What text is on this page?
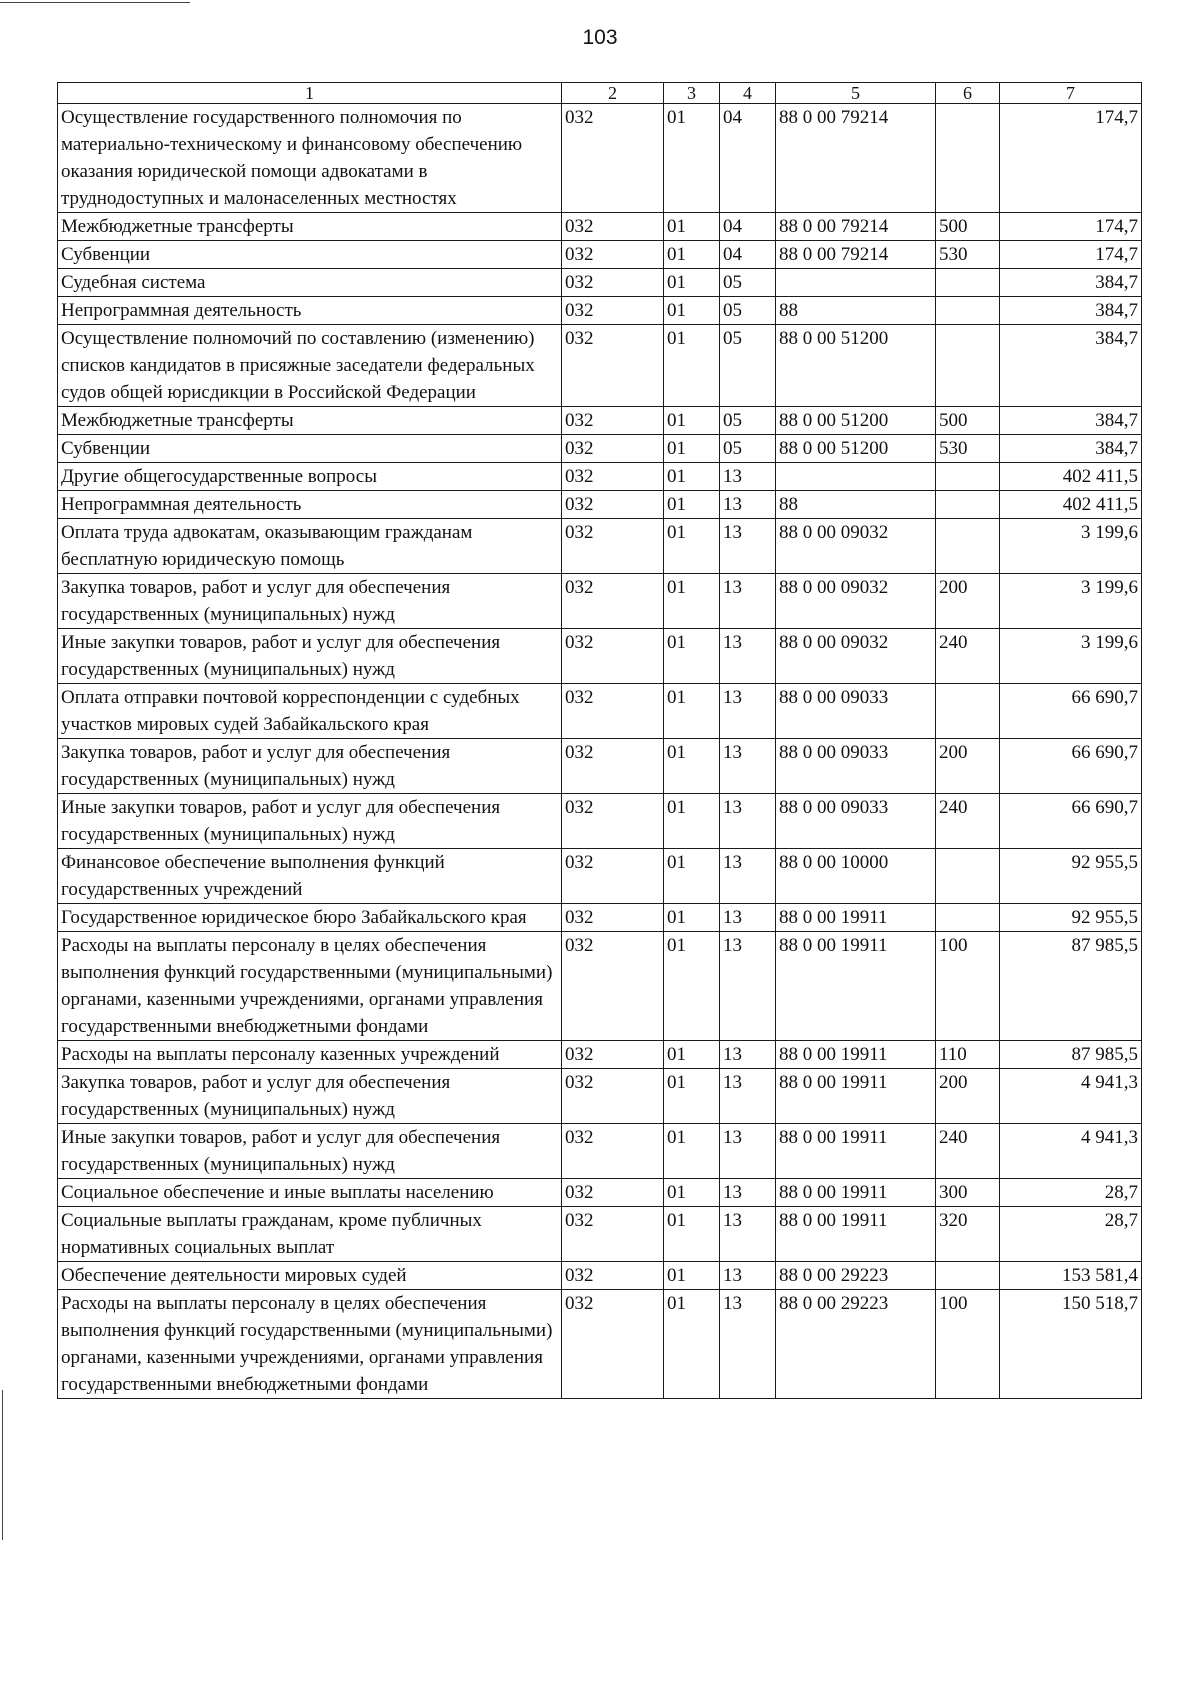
103
1	2	3	4	5	6	7
Осуществление государственного полномочия по материально-техническому и финансовому обеспечению оказания юридической помощи адвокатами в труднодоступных и малонаселенных местностях	032	01	04	88 0 00 79214		174,7
Межбюджетные трансферты	032	01	04	88 0 00 79214	500	174,7
Субвенции	032	01	04	88 0 00 79214	530	174,7
Судебная система	032	01	05			384,7
Непрограммная деятельность	032	01	05	88		384,7
Осуществление полномочий по составлению (изменению) списков кандидатов в присяжные заседатели федеральных судов общей юрисдикции в Российской Федерации	032	01	05	88 0 00 51200		384,7
Межбюджетные трансферты	032	01	05	88 0 00 51200	500	384,7
Субвенции	032	01	05	88 0 00 51200	530	384,7
Другие общегосударственные вопросы	032	01	13			402 411,5
Непрограммная деятельность	032	01	13	88		402 411,5
Оплата труда адвокатам, оказывающим гражданам бесплатную юридическую помощь	032	01	13	88 0 00 09032		3 199,6
Закупка товаров, работ и услуг для обеспечения государственных (муниципальных) нужд	032	01	13	88 0 00 09032	200	3 199,6
Иные закупки товаров, работ и услуг для обеспечения государственных (муниципальных) нужд	032	01	13	88 0 00 09032	240	3 199,6
Оплата отправки почтовой корреспонденции с судебных участков мировых судей Забайкальского края	032	01	13	88 0 00 09033		66 690,7
Закупка товаров, работ и услуг для обеспечения государственных (муниципальных) нужд	032	01	13	88 0 00 09033	200	66 690,7
Иные закупки товаров, работ и услуг для обеспечения государственных (муниципальных) нужд	032	01	13	88 0 00 09033	240	66 690,7
Финансовое обеспечение выполнения функций государственных учреждений	032	01	13	88 0 00 10000		92 955,5
Государственное юридическое бюро Забайкальского края	032	01	13	88 0 00 19911		92 955,5
Расходы на выплаты персоналу в целях обеспечения выполнения функций государственными (муниципальными) органами, казенными учреждениями, органами управления государственными внебюджетными фондами	032	01	13	88 0 00 19911	100	87 985,5
Расходы на выплаты персоналу казенных учреждений	032	01	13	88 0 00 19911	110	87 985,5
Закупка товаров, работ и услуг для обеспечения государственных (муниципальных) нужд	032	01	13	88 0 00 19911	200	4 941,3
Иные закупки товаров, работ и услуг для обеспечения государственных (муниципальных) нужд	032	01	13	88 0 00 19911	240	4 941,3
Социальное обеспечение и иные выплаты населению	032	01	13	88 0 00 19911	300	28,7
Социальные выплаты гражданам, кроме публичных нормативных социальных выплат	032	01	13	88 0 00 19911	320	28,7
Обеспечение деятельности мировых судей	032	01	13	88 0 00 29223		153 581,4
Расходы на выплаты персоналу в целях обеспечения выполнения функций государственными (муниципальными) органами, казенными учреждениями, органами управления государственными внебюджетными фондами	032	01	13	88 0 00 29223	100	150 518,7
